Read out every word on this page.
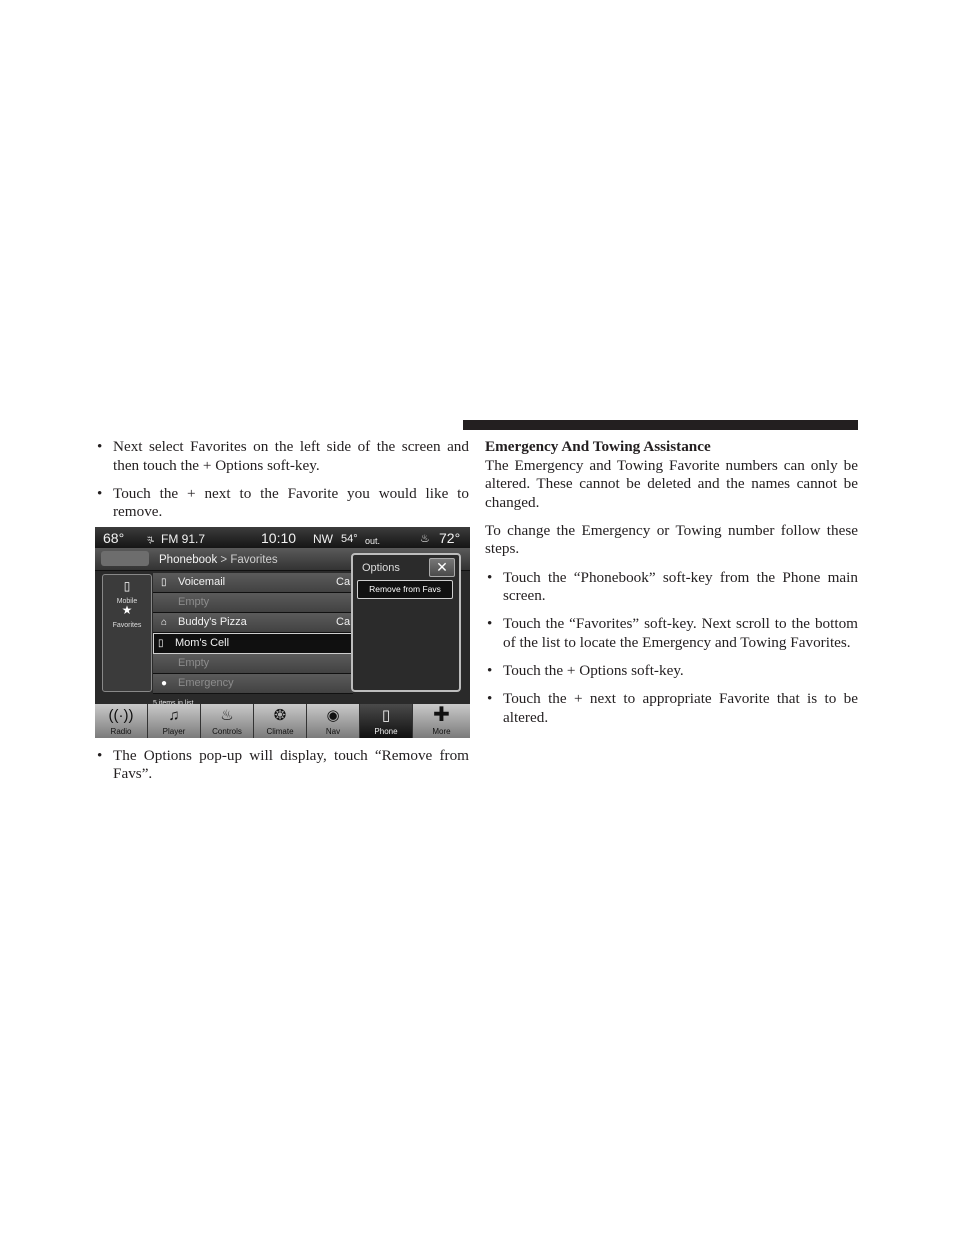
• Next select Favorites on the left side of the screen and then touch the + Options soft-key.
• Touch the + next to the Favorite you would like to remove.
68°	ꔨ FM 91.7	10:10 NW 54° out.	♨ 72°
Phonebook > Favorites
▯
Mobile
★
Favorites
▯ Voicemail	Ca
Empty
⌂ Buddy's Pizza	Ca
▯ Mom's Cell
Empty
● Emergency
Options	✕
Remove from Favs
((·))
Radio
♫
Player
♨
Controls
❂
Climate
◉
Nav
▯
Phone
✚
More
• The Options pop-up will display, touch “Remove from Favs”.
Emergency And Towing Assistance
The Emergency and Towing Favorite numbers can only be altered. These cannot be deleted and the names cannot be changed.
To change the Emergency or Towing number follow these steps.
• Touch the “Phonebook” soft-key from the Phone main screen.
• Touch the “Favorites” soft-key. Next scroll to the bottom of the list to locate the Emergency and Towing Favorites.
• Touch the + Options soft-key.
• Touch the + next to appropriate Favorite that is to be altered.
